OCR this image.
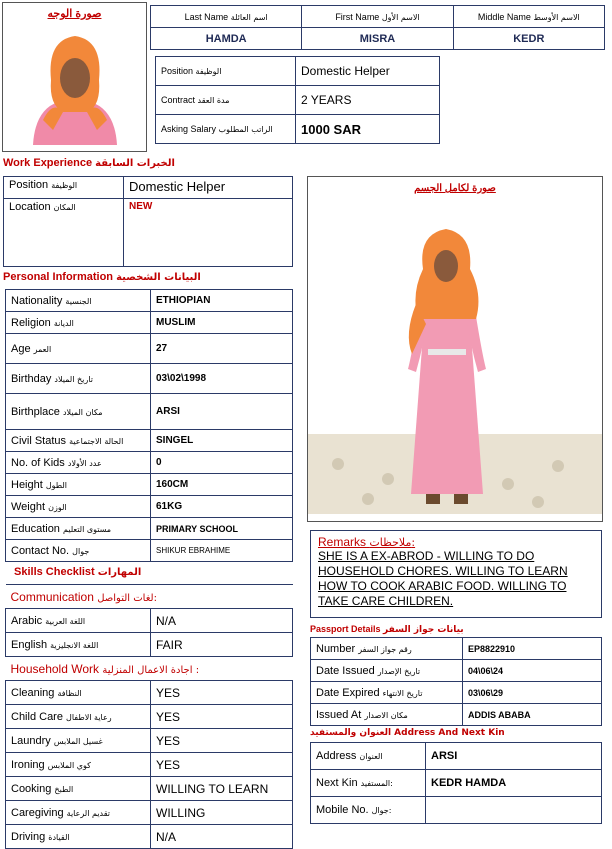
صورة الوجه	Last Name اسم العائلة	First Name الاسم الأول	Middle Name الاسم الأوسط
HAMDA	MISRA	KEDR
Position الوظيفة	Domestic Helper
Contract مدة العقد	2 YEARS
Asking Salary الراتب المطلوب	1000 SAR
Work Experience الخبرات السابقة
Position الوظيفة	Domestic Helper
Location المكان	NEW
Personal Information البيانات الشخصية
Nationality الجنسية	ETHIOPIAN
Religion الديانة	MUSLIM
Age العمر	27
Birthday تاريخ الميلاد	03\02\1998
Birthplace مكان الميلاد	ARSI
Civil Status الحالة الاجتماعية	SINGEL
No. of Kids عدد الأولاد	0
Height الطول	160CM
Weight الوزن	61KG
Education مستوى التعليم	PRIMARY SCHOOL
Contact No. جوال	SHIKUR EBRAHIME
Skills Checklist المهارات
Communication لغات التواصل:	
Arabic اللغة العربية	N/A
English اللغة الانجليزية	FAIR
Household Work اجادة الاعمال المنزلية :	
Cleaning النظافة	YES
Child Care رعاية الاطفال	YES
Laundry غسيل الملابس	YES
Ironing كوي الملابس	YES
Cooking الطبخ	WILLING TO LEARN
Caregiving تقديم الرعاية	WILLING
Driving القيادة	N/A
صورة لكامل الجسم
Remarks ملاحظات:
SHE IS A EX-ABROD - WILLING TO DO HOUSEHOLD CHORES. WILLING TO LEARN HOW TO COOK ARABIC FOOD. WILLING TO TAKE CARE CHILDREN.
Passport Details بيانات جواز السفر
Number رقم جواز السفر	EP8822910
Date Issued تاريخ الإصدار	04\06\24
Date Expired تاريخ الانتهاء	03\06\29
Issued At مكان الاصدار	ADDIS ABABA
العنوان والمستفيد Address And Next Kin
Address العنوان	ARSI
Next Kin المستفيد:	KEDR HAMDA
Mobile No. جوال:	
